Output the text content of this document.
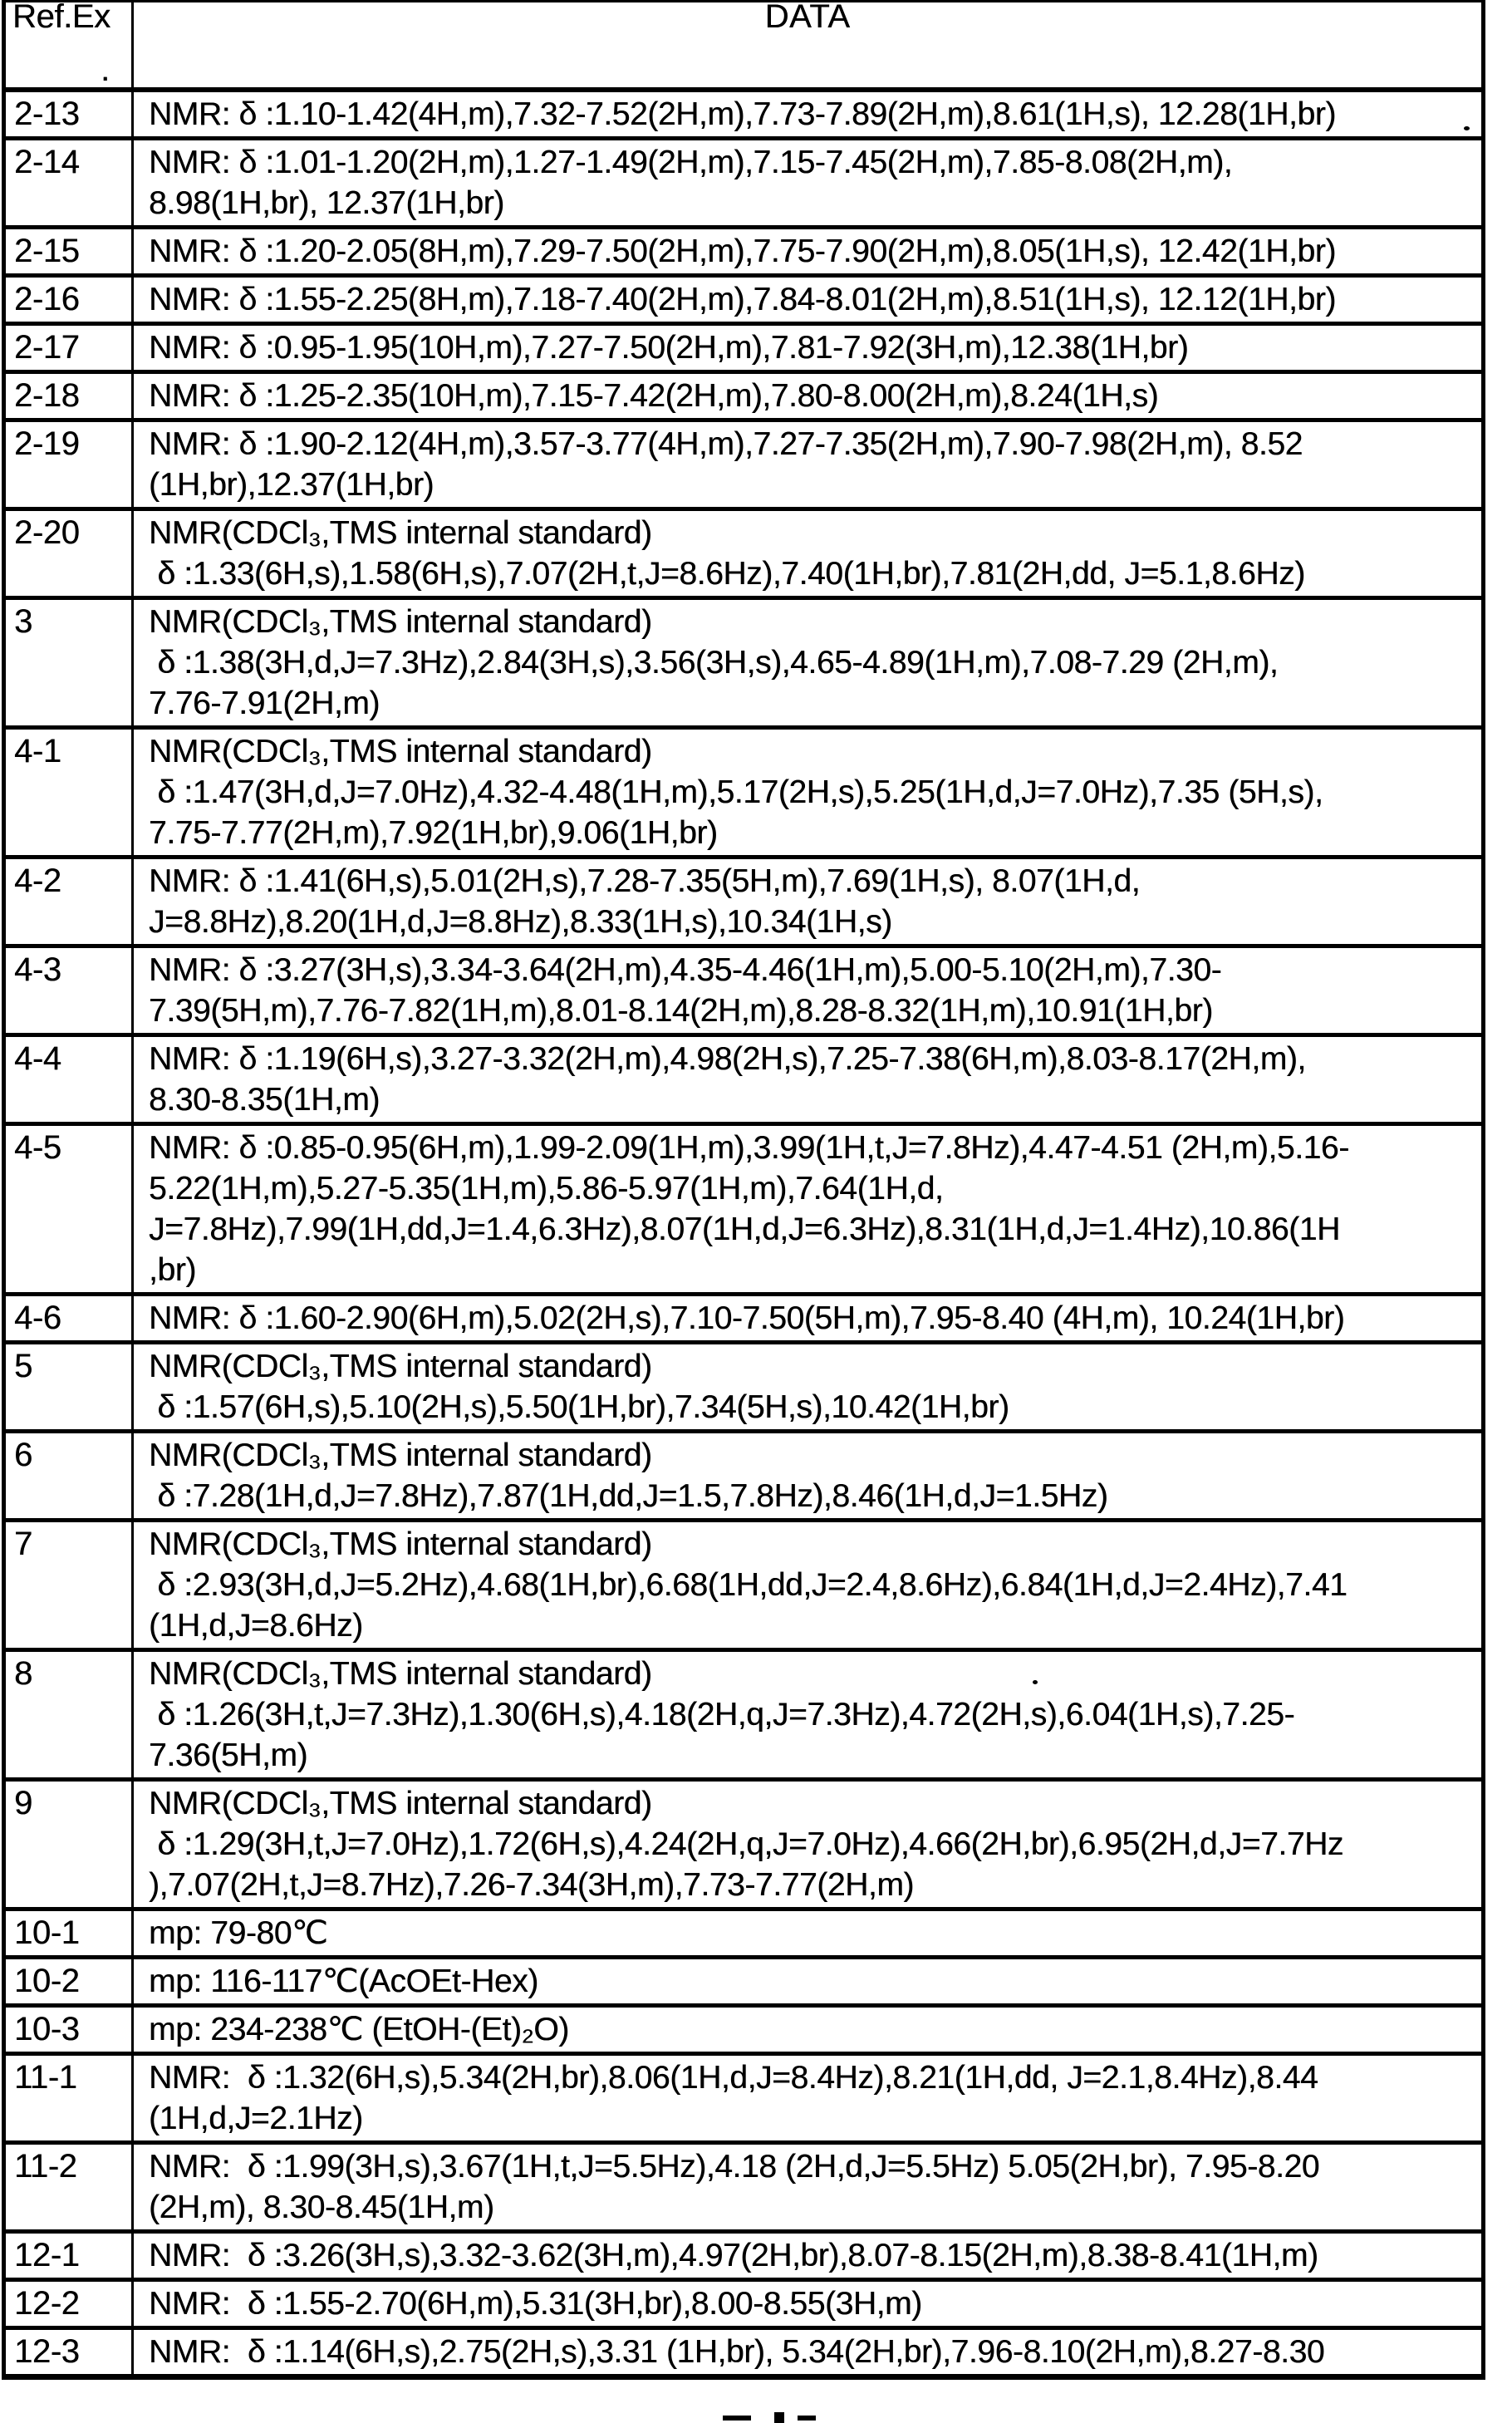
Ref.Ex
.	DATA

2-13	NMR: δ :1.10-1.42(4H,m),7.32-7.52(2H,m),7.73-7.89(2H,m),8.61(1H,s), 12.28(1H,br)

2-14	NMR: δ :1.01-1.20(2H,m),1.27-1.49(2H,m),7.15-7.45(2H,m),7.85-8.08(2H,m),
8.98(1H,br), 12.37(1H,br)

2-15	NMR: δ :1.20-2.05(8H,m),7.29-7.50(2H,m),7.75-7.90(2H,m),8.05(1H,s), 12.42(1H,br)

2-16	NMR: δ :1.55-2.25(8H,m),7.18-7.40(2H,m),7.84-8.01(2H,m),8.51(1H,s), 12.12(1H,br)

2-17	NMR: δ :0.95-1.95(10H,m),7.27-7.50(2H,m),7.81-7.92(3H,m),12.38(1H,br)

2-18	NMR: δ :1.25-2.35(10H,m),7.15-7.42(2H,m),7.80-8.00(2H,m),8.24(1H,s)

2-19	NMR: δ :1.90-2.12(4H,m),3.57-3.77(4H,m),7.27-7.35(2H,m),7.90-7.98(2H,m), 8.52
(1H,br),12.37(1H,br)

2-20	NMR(CDCl₃,TMS internal standard)
δ :1.33(6H,s),1.58(6H,s),7.07(2H,t,J=8.6Hz),7.40(1H,br),7.81(2H,dd, J=5.1,8.6Hz)

3	NMR(CDCl₃,TMS internal standard)
δ :1.38(3H,d,J=7.3Hz),2.84(3H,s),3.56(3H,s),4.65-4.89(1H,m),7.08-7.29 (2H,m),
7.76-7.91(2H,m)

4-1	NMR(CDCl₃,TMS internal standard)
δ :1.47(3H,d,J=7.0Hz),4.32-4.48(1H,m),5.17(2H,s),5.25(1H,d,J=7.0Hz),7.35 (5H,s),
7.75-7.77(2H,m),7.92(1H,br),9.06(1H,br)

4-2	NMR: δ :1.41(6H,s),5.01(2H,s),7.28-7.35(5H,m),7.69(1H,s), 8.07(1H,d,
J=8.8Hz),8.20(1H,d,J=8.8Hz),8.33(1H,s),10.34(1H,s)

4-3	NMR: δ :3.27(3H,s),3.34-3.64(2H,m),4.35-4.46(1H,m),5.00-5.10(2H,m),7.30-
7.39(5H,m),7.76-7.82(1H,m),8.01-8.14(2H,m),8.28-8.32(1H,m),10.91(1H,br)

4-4	NMR: δ :1.19(6H,s),3.27-3.32(2H,m),4.98(2H,s),7.25-7.38(6H,m),8.03-8.17(2H,m),
8.30-8.35(1H,m)

4-5	NMR: δ :0.85-0.95(6H,m),1.99-2.09(1H,m),3.99(1H,t,J=7.8Hz),4.47-4.51 (2H,m),5.16-
5.22(1H,m),5.27-5.35(1H,m),5.86-5.97(1H,m),7.64(1H,d,
J=7.8Hz),7.99(1H,dd,J=1.4,6.3Hz),8.07(1H,d,J=6.3Hz),8.31(1H,d,J=1.4Hz),10.86(1H
,br)

4-6	NMR: δ :1.60-2.90(6H,m),5.02(2H,s),7.10-7.50(5H,m),7.95-8.40 (4H,m), 10.24(1H,br)

5	NMR(CDCl₃,TMS internal standard)
δ :1.57(6H,s),5.10(2H,s),5.50(1H,br),7.34(5H,s),10.42(1H,br)

6	NMR(CDCl₃,TMS internal standard)
δ :7.28(1H,d,J=7.8Hz),7.87(1H,dd,J=1.5,7.8Hz),8.46(1H,d,J=1.5Hz)

7	NMR(CDCl₃,TMS internal standard)
δ :2.93(3H,d,J=5.2Hz),4.68(1H,br),6.68(1H,dd,J=2.4,8.6Hz),6.84(1H,d,J=2.4Hz),7.41
(1H,d,J=8.6Hz)

8	NMR(CDCl₃,TMS internal standard)
δ :1.26(3H,t,J=7.3Hz),1.30(6H,s),4.18(2H,q,J=7.3Hz),4.72(2H,s),6.04(1H,s),7.25-
7.36(5H,m)

9	NMR(CDCl₃,TMS internal standard)
δ :1.29(3H,t,J=7.0Hz),1.72(6H,s),4.24(2H,q,J=7.0Hz),4.66(2H,br),6.95(2H,d,J=7.7Hz
),7.07(2H,t,J=8.7Hz),7.26-7.34(3H,m),7.73-7.77(2H,m)

10-1	mp: 79-80℃

10-2	mp: 116-117℃(AcOEt-Hex)

10-3	mp: 234-238℃ (EtOH-(Et)₂O)

11-1	NMR:  δ :1.32(6H,s),5.34(2H,br),8.06(1H,d,J=8.4Hz),8.21(1H,dd, J=2.1,8.4Hz),8.44
(1H,d,J=2.1Hz)

11-2	NMR:  δ :1.99(3H,s),3.67(1H,t,J=5.5Hz),4.18 (2H,d,J=5.5Hz) 5.05(2H,br), 7.95-8.20
(2H,m), 8.30-8.45(1H,m)

12-1	NMR:  δ :3.26(3H,s),3.32-3.62(3H,m),4.97(2H,br),8.07-8.15(2H,m),8.38-8.41(1H,m)

12-2	NMR:  δ :1.55-2.70(6H,m),5.31(3H,br),8.00-8.55(3H,m)

12-3	NMR:  δ :1.14(6H,s),2.75(2H,s),3.31 (1H,br), 5.34(2H,br),7.96-8.10(2H,m),8.27-8.30
